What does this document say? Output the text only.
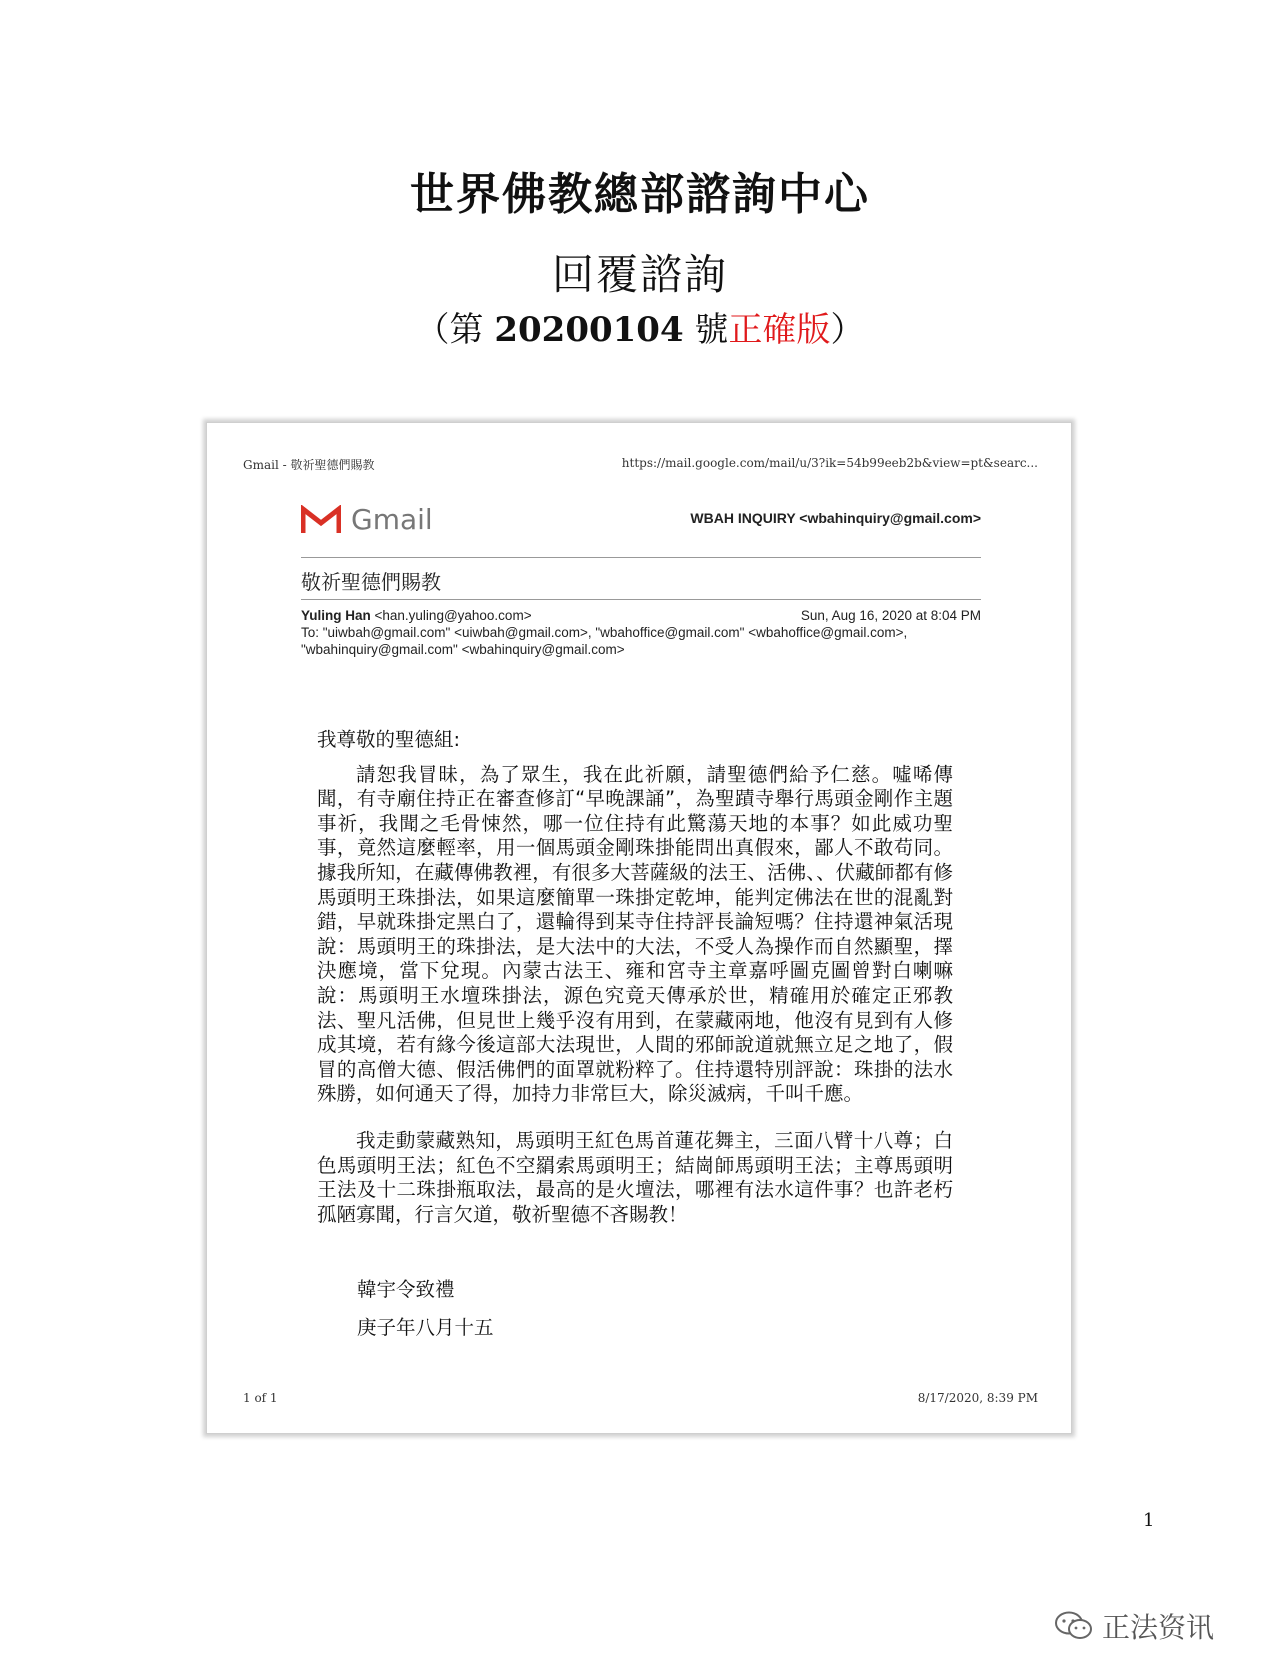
世界佛教總部諮詢中心
回覆諮詢
（第 20200104 號正確版）
Gmail - 敬祈聖德們賜教	https://mail.google.com/mail/u/3?ik=54b99eeb2b&view=pt&searc...
Gmail	WBAH INQUIRY <wbahinquiry@gmail.com>
敬祈聖德們賜教
Yuling Han <han.yuling@yahoo.com>	Sun, Aug 16, 2020 at 8:04 PM
To: "uiwbah@gmail.com" <uiwbah@gmail.com>, "wbahoffice@gmail.com" <wbahoffice@gmail.com>,
"wbahinquiry@gmail.com" <wbahinquiry@gmail.com>

我尊敬的聖德組:

請恕我冒昧，為了眾生，我在此祈願，請聖德們給予仁慈。噓唏傳聞，有寺廟住持正在審查修訂“早晚課誦”，為聖蹟寺舉行馬頭金剛作主題事祈，我聞之毛骨悚然，哪一位住持有此驚蕩天地的本事？如此威功聖事，竟然這麼輕率，用一個馬頭金剛珠掛能問出真假來，鄙人不敢苟同。據我所知，在藏傳佛教裡，有很多大菩薩級的法王、活佛、、伏藏師都有修馬頭明王珠掛法，如果這麼簡單一珠掛定乾坤，能判定佛法在世的混亂對錯，早就珠掛定黑白了，還輪得到某寺住持評長論短嗎？住持還神氣活現說：馬頭明王的珠掛法，是大法中的大法，不受人為操作而自然顯聖，擇決應境，當下兌現。內蒙古法王、雍和宮寺主章嘉呼圖克圖曾對白喇嘛說：馬頭明王水壇珠掛法，源色究竟天傳承於世，精確用於確定正邪教法、聖凡活佛，但見世上幾乎沒有用到，在蒙藏兩地，他沒有見到有人修成其境，若有緣今後這部大法現世，人間的邪師說道就無立足之地了，假冒的高僧大德、假活佛們的面罩就粉粹了。住持還特別評說：珠掛的法水殊勝，如何通天了得，加持力非常巨大，除災滅病，千叫千應。

我走動蒙藏熟知，馬頭明王紅色馬首蓮花舞主，三面八臂十八尊；白色馬頭明王法；紅色不空羂索馬頭明王；結崗師馬頭明王法；主尊馬頭明王法及十二珠掛瓶取法，最高的是火壇法，哪裡有法水這件事？也許老朽孤陋寡聞，行言欠道，敬祈聖德不吝賜教！

韓宇令致禮
庚子年八月十五
1 of 1	8/17/2020, 8:39 PM
1
正法资讯
